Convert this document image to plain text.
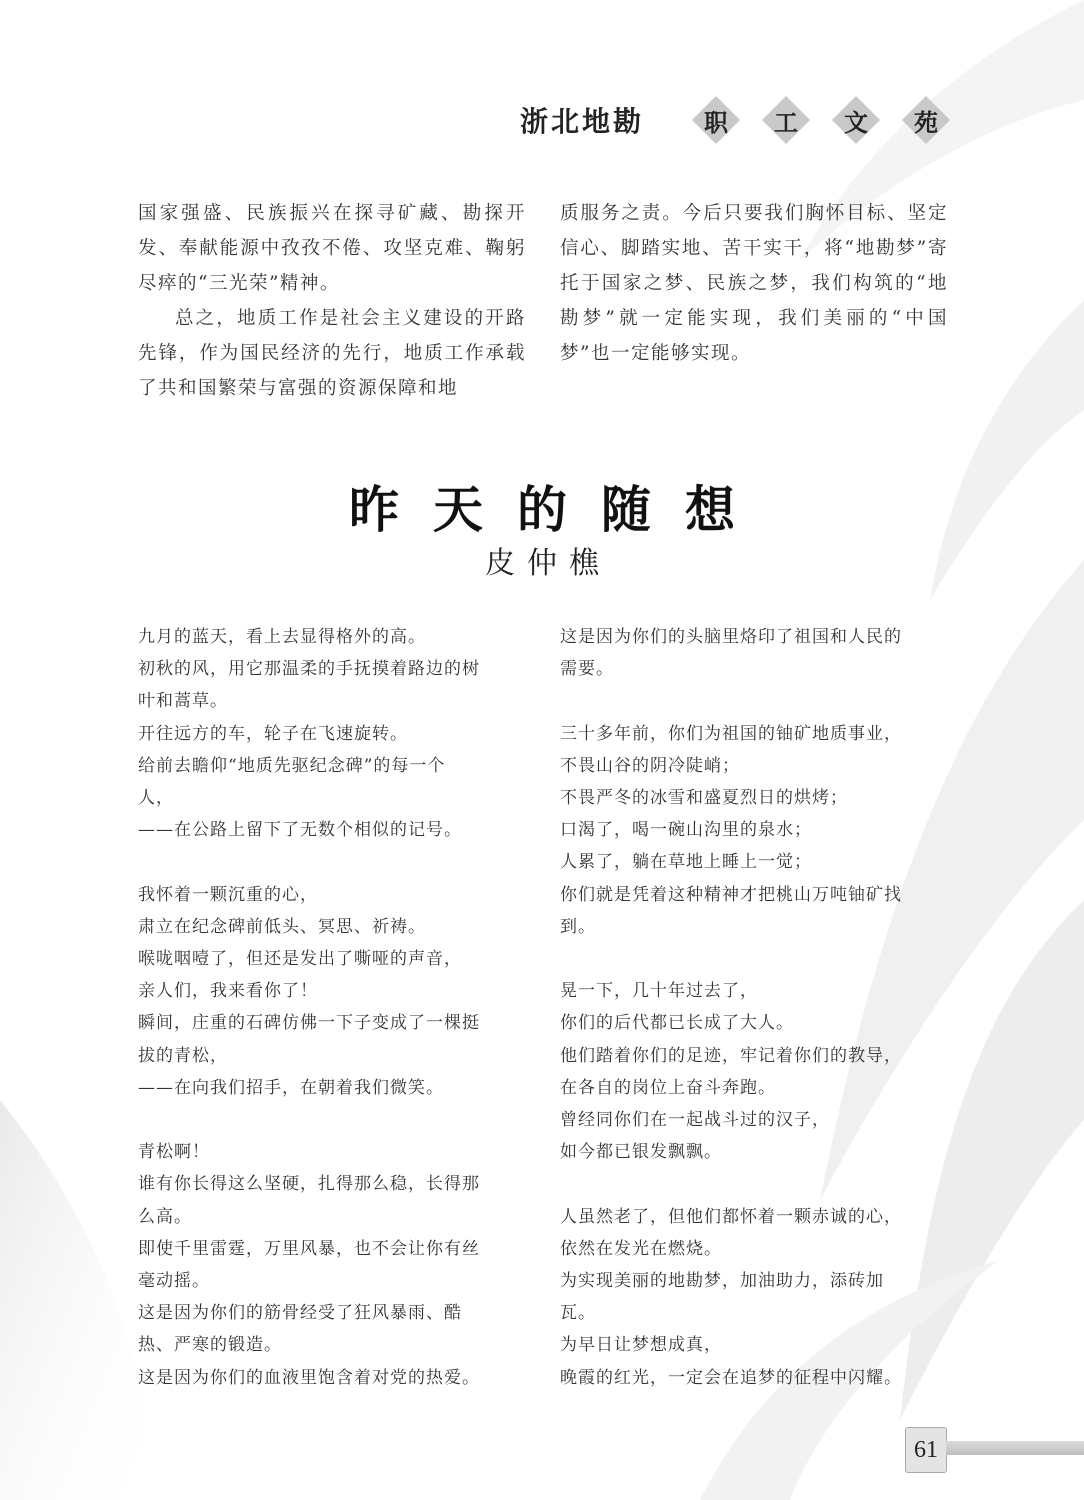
浙北地勘 职 工 文 苑

国家强盛、民族振兴在探寻矿藏、勘探开发、奉献能源中孜孜不倦、攻坚克难、鞠躬尽瘁的“三光荣”精神。

总之，地质工作是社会主义建设的开路先锋，作为国民经济的先行，地质工作承载了共和国繁荣与富强的资源保障和地

质服务之责。今后只要我们胸怀目标、坚定信心、脚踏实地、苦干实干，将“地勘梦”寄托于国家之梦、民族之梦，我们构筑的“地勘梦”就一定能实现，我们美丽的“中国梦”也一定能够实现。

昨天的随想
皮仲樵
九月的蓝天，看上去显得格外的高。
初秋的风，用它那温柔的手抚摸着路边的树
叶和蒿草。
开往远方的车，轮子在飞速旋转。
给前去瞻仰“地质先驱纪念碑”的每一个
人，
——在公路上留下了无数个相似的记号。
我怀着一颗沉重的心，
肃立在纪念碑前低头、冥思、祈祷。
喉咙咽噎了，但还是发出了嘶哑的声音，
亲人们，我来看你了！
瞬间，庄重的石碑仿佛一下子变成了一棵挺
拔的青松，
——在向我们招手，在朝着我们微笑。
青松啊！
谁有你长得这么坚硬，扎得那么稳，长得那
么高。
即使千里雷霆，万里风暴，也不会让你有丝
毫动摇。
这是因为你们的筋骨经受了狂风暴雨、酷
热、严寒的锻造。
这是因为你们的血液里饱含着对党的热爱。
这是因为你们的头脑里烙印了祖国和人民的
需要。
三十多年前，你们为祖国的铀矿地质事业，
不畏山谷的阴冷陡峭；
不畏严冬的冰雪和盛夏烈日的烘烤；
口渴了，喝一碗山沟里的泉水；
人累了，躺在草地上睡上一觉；
你们就是凭着这种精神才把桃山万吨铀矿找
到。
晃一下，几十年过去了，
你们的后代都已长成了大人。
他们踏着你们的足迹，牢记着你们的教导，
在各自的岗位上奋斗奔跑。
曾经同你们在一起战斗过的汉子，
如今都已银发飘飘。
人虽然老了，但他们都怀着一颗赤诚的心，
依然在发光在燃烧。
为实现美丽的地勘梦，加油助力，添砖加
瓦。
为早日让梦想成真，
晚霞的红光，一定会在追梦的征程中闪耀。
61
